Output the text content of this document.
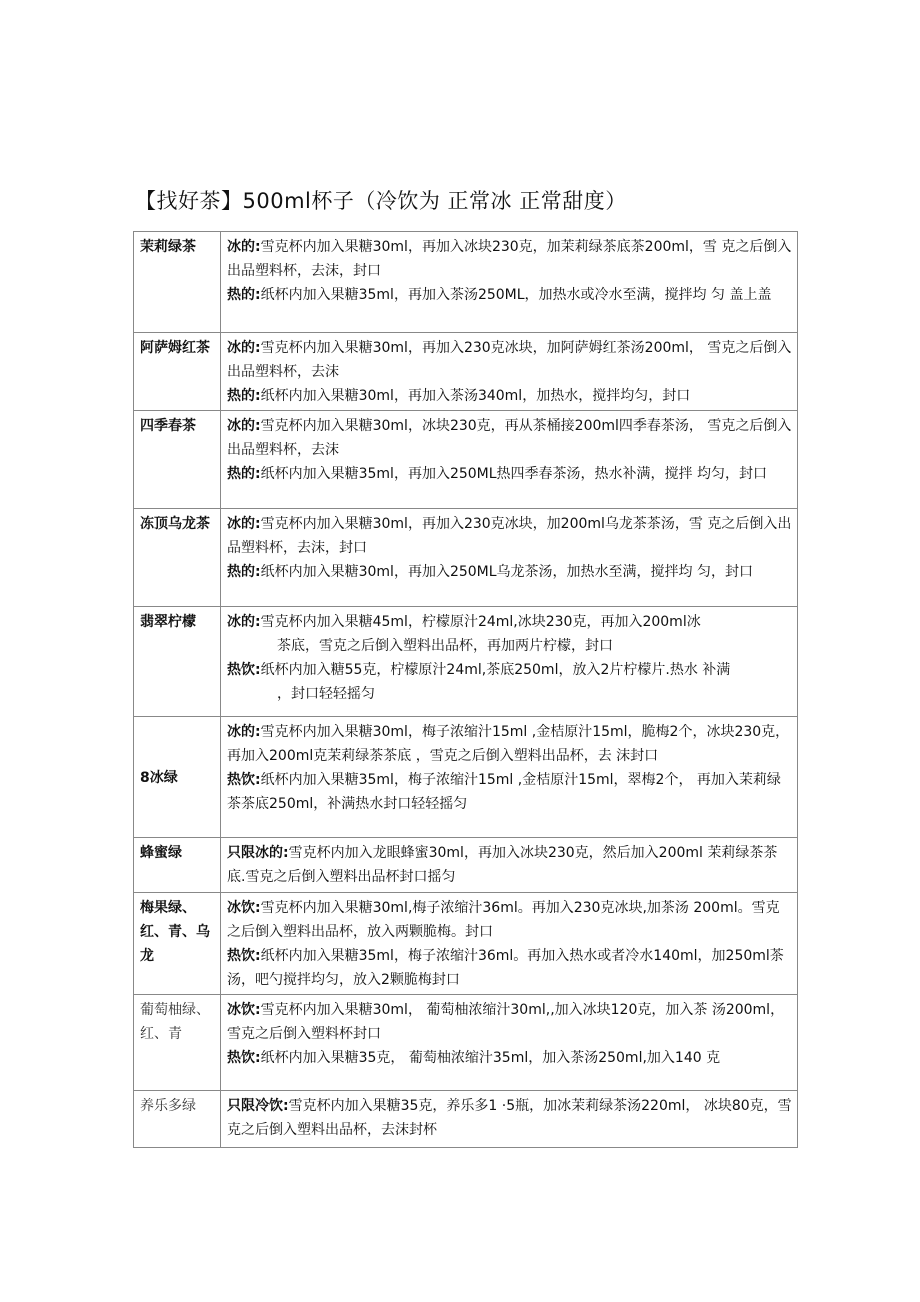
【找好茶】500ml杯子（冷饮为 正常冰 正常甜度）
茉莉绿茶	冰的:雪克杯内加入果糖30ml，再加入冰块230克，加茉莉绿茶底茶200ml，雪 克之后倒入出品塑料杯，去沫，封口
热的:纸杯内加入果糖35ml，再加入茶汤250ML，加热水或冷水至满，搅拌均 匀 盖上盖

阿萨姆红茶	冰的:雪克杯内加入果糖30ml，再加入230克冰块，加阿萨姆红茶汤200ml， 雪克之后倒入出品塑料杯，去沫
热的:纸杯内加入果糖30ml，再加入茶汤340ml，加热水，搅拌均匀，封口

四季春茶	冰的:雪克杯内加入果糖30ml，冰块230克，再从茶桶接200ml四季春茶汤， 雪克之后倒入出品塑料杯，去沫
热的:纸杯内加入果糖35ml，再加入250ML热四季春茶汤，热水补满，搅拌 均匀，封口

冻顶乌龙茶	冰的:雪克杯内加入果糖30ml，再加入230克冰块，加200ml乌龙茶茶汤，雪 克之后倒入出品塑料杯，去沫，封口
热的:纸杯内加入果糖30ml，再加入250ML乌龙茶汤，加热水至满，搅拌均 匀，封口

翡翠柠檬	冰的:雪克杯内加入果糖45ml，柠檬原汁24ml,冰块230克，再加入200ml冰
茶底，雪克之后倒入塑料出品杯，再加两片柠檬，封口
热饮:纸杯内加入糖55克，柠檬原汁24ml,茶底250ml，放入2片柠檬片.热水 补满
，封口轻轻摇匀

8冰绿	冰的:雪克杯内加入果糖30ml，梅子浓缩汁15ml ,金桔原汁15ml，脆梅2个，冰块230克，再加入200ml克茉莉绿茶茶底 ，雪克之后倒入塑料出品杯，去 沫封口
热饮:纸杯内加入果糖35ml，梅子浓缩汁15ml ,金桔原汁15ml，翠梅2个， 再加入茉莉绿茶茶底250ml，补满热水封口轻轻摇匀

蜂蜜绿	只限冰的:雪克杯内加入龙眼蜂蜜30ml，再加入冰块230克，然后加入200ml 茉莉绿茶茶底.雪克之后倒入塑料出品杯封口摇匀

梅果绿、红、青、乌龙	冰饮:雪克杯内加入果糖30ml,梅子浓缩汁36ml。再加入230克冰块,加茶汤 200ml。雪克之后倒入塑料出品杯，放入两颗脆梅。封口
热饮:纸杯内加入果糖35ml，梅子浓缩汁36ml。再加入热水或者冷水140ml，加250ml茶汤，吧勺搅拌均匀，放入2颗脆梅封口

葡萄柚绿、红、青	冰饮:雪克杯内加入果糖30ml， 葡萄柚浓缩汁30ml,,加入冰块120克，加入茶 汤200ml，雪克之后倒入塑料杯封口
热饮:纸杯内加入果糖35克， 葡萄柚浓缩汁35ml，加入茶汤250ml,加入140 克

养乐多绿	只限冷饮:雪克杯内加入果糖35克，养乐多1 ·5瓶，加冰茉莉绿茶汤220ml， 冰块80克，雪克之后倒入塑料出品杯，去沫封杯
